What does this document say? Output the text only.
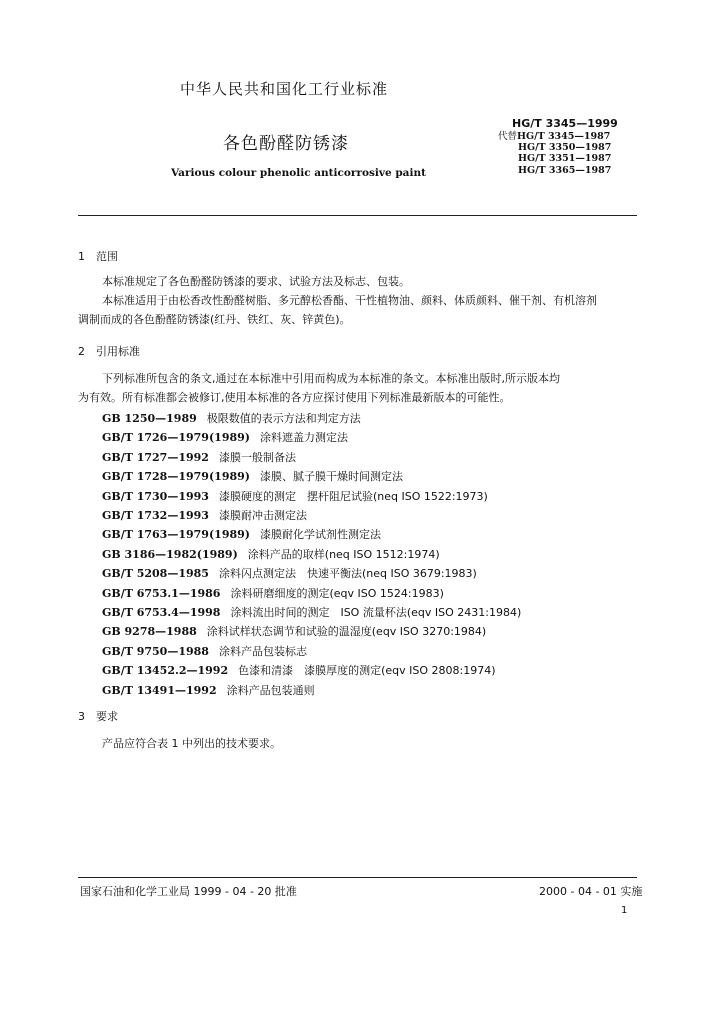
中华人民共和国化工行业标准
HG/T 3345—1999
代替HG/T 3345—1987
HG/T 3350—1987
HG/T 3351—1987
HG/T 3365—1987
各色酚醛防锈漆
Various colour phenolic anticorrosive paint
1 范围
本标准规定了各色酚醛防锈漆的要求、试验方法及标志、包装。
本标准适用于由松香改性酚醛树脂、多元醇松香酯、干性植物油、颜料、体质颜料、催干剂、有机溶剂
调制而成的各色酚醛防锈漆(红丹、铁红、灰、锌黄色)。
2 引用标准
下列标准所包含的条文,通过在本标准中引用而构成为本标准的条文。本标准出版时,所示版本均
为有效。所有标准都会被修订,使用本标准的各方应探讨使用下列标准最新版本的可能性。
GB 1250—1989 极限数值的表示方法和判定方法
GB/T 1726—1979(1989) 涂料遮盖力测定法
GB/T 1727—1992 漆膜一般制备法
GB/T 1728—1979(1989) 漆膜、腻子膜干燥时间测定法
GB/T 1730—1993 漆膜硬度的测定　摆杆阻尼试验(neq ISO 1522:1973)
GB/T 1732—1993 漆膜耐冲击测定法
GB/T 1763—1979(1989) 漆膜耐化学试剂性测定法
GB 3186—1982(1989) 涂料产品的取样(neq ISO 1512:1974)
GB/T 5208—1985 涂料闪点测定法　快速平衡法(neq ISO 3679:1983)
GB/T 6753.1—1986 涂料研磨细度的测定(eqv ISO 1524:1983)
GB/T 6753.4—1998 涂料流出时间的测定　ISO 流量杯法(eqv ISO 2431:1984)
GB 9278—1988 涂料试样状态调节和试验的温湿度(eqv ISO 3270:1984)
GB/T 9750—1988 涂料产品包装标志
GB/T 13452.2—1992 色漆和清漆　漆膜厚度的测定(eqv ISO 2808:1974)
GB/T 13491—1992 涂料产品包装通则
3 要求
产品应符合表 1 中列出的技术要求。
国家石油和化学工业局 1999 - 04 - 20 批准	2000 - 04 - 01 实施
1
